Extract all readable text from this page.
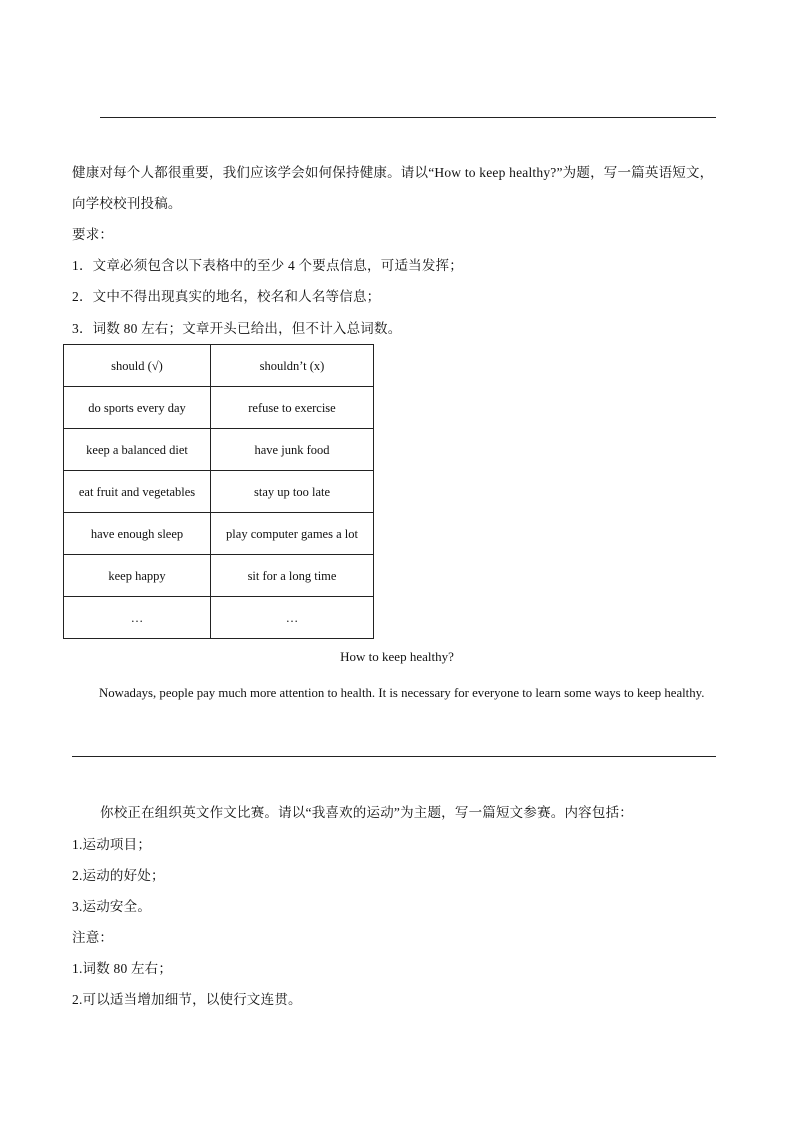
健康对每个人都很重要，我们应该学会如何保持健康。请以“How to keep healthy?”为题，写一篇英语短文，
向学校校刊投稿。
要求：
1．文章必须包含以下表格中的至少 4 个要点信息，可适当发挥；
2．文中不得出现真实的地名，校名和人名等信息；
3．词数 80 左右；文章开头已给出，但不计入总词数。
should (√)	shouldn’t (x)
do sports every day	refuse to exercise
keep a balanced diet	have junk food
eat fruit and vegetables	stay up too late
have enough sleep	play computer games a lot
keep happy	sit for a long time
…	…
How to keep healthy?
Nowadays, people pay much more attention to health. It is necessary for everyone to learn some ways to keep healthy.
你校正在组织英文作文比赛。请以“我喜欢的运动”为主题，写一篇短文参赛。内容包括：
1.运动项目；
2.运动的好处；
3.运动安全。
注意：
1.词数 80 左右；
2.可以适当增加细节，以使行文连贯。
